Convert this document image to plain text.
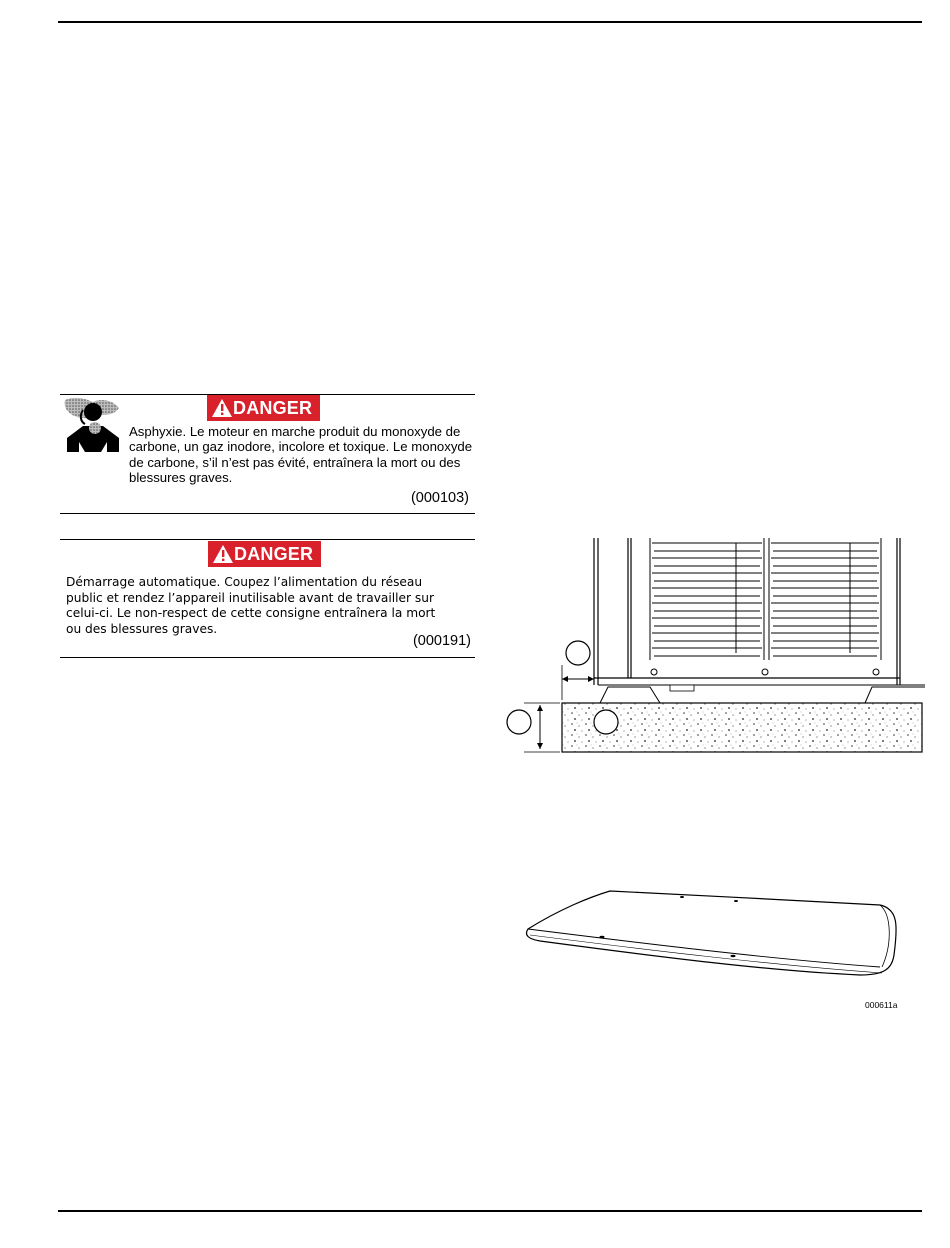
DANGER
Asphyxie. Le moteur en marche produit du monoxyde de carbone, un gaz inodore, incolore et toxique. Le monoxyde de carbone, s’il n’est pas évité, entraînera la mort ou des blessures graves.
(000103)
DANGER
Démarrage automatique. Coupez l’alimentation du réseau public et rendez l’appareil inutilisable avant de travailler sur celui-ci. Le non-respect de cette consigne entraînera la mort ou des blessures graves.
(000191)
000611a
